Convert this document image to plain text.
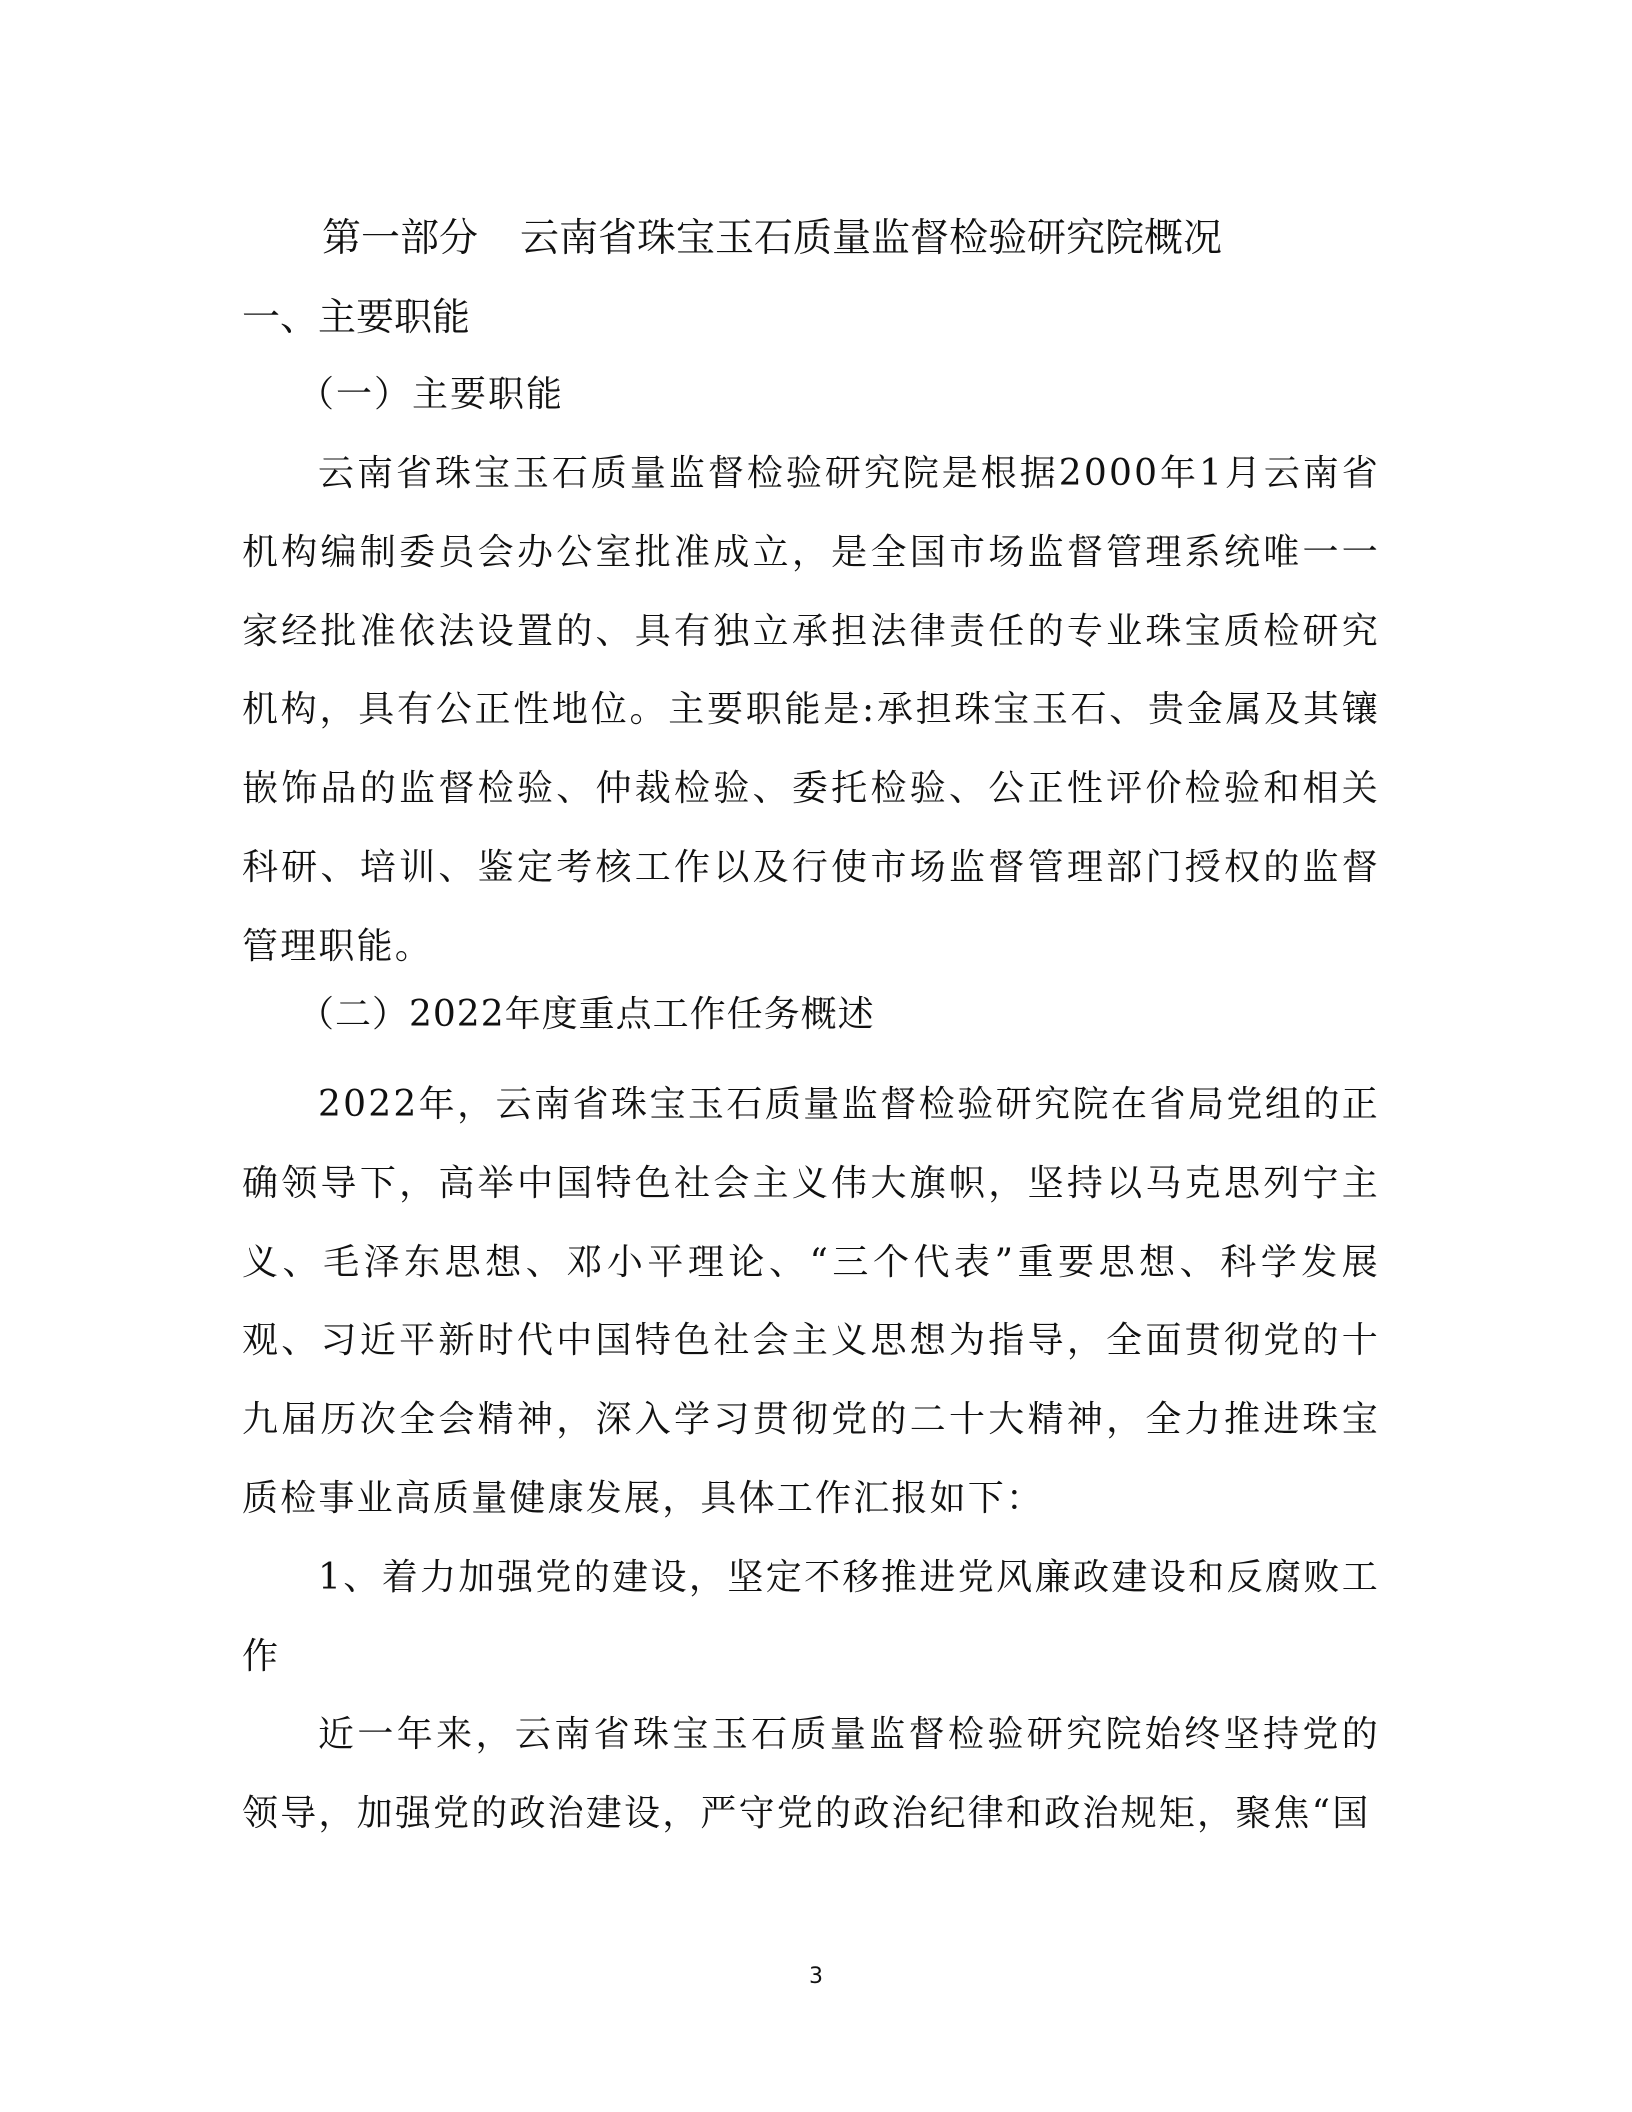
第一部分 云南省珠宝玉石质量监督检验研究院概况
一、主要职能
（一）主要职能

云南省珠宝玉石质量监督检验研究院是根据2000年1月云南省机构编制委员会办公室批准成立，是全国市场监督管理系统唯一一家经批准依法设置的、具有独立承担法律责任的专业珠宝质检研究机构，具有公正性地位。主要职能是:承担珠宝玉石、贵金属及其镶嵌饰品的监督检验、仲裁检验、委托检验、公正性评价检验和相关科研、培训、鉴定考核工作以及行使市场监督管理部门授权的监督管理职能。

（二）2022年度重点工作任务概述

2022年，云南省珠宝玉石质量监督检验研究院在省局党组的正确领导下，高举中国特色社会主义伟大旗帜，坚持以马克思列宁主义、毛泽东思想、邓小平理论、“三个代表”重要思想、科学发展观、习近平新时代中国特色社会主义思想为指导，全面贯彻党的十九届历次全会精神，深入学习贯彻党的二十大精神，全力推进珠宝质检事业高质量健康发展，具体工作汇报如下：

1、着力加强党的建设，坚定不移推进党风廉政建设和反腐败工作

近一年来，云南省珠宝玉石质量监督检验研究院始终坚持党的领导，加强党的政治建设，严守党的政治纪律和政治规矩，聚焦“国

3
